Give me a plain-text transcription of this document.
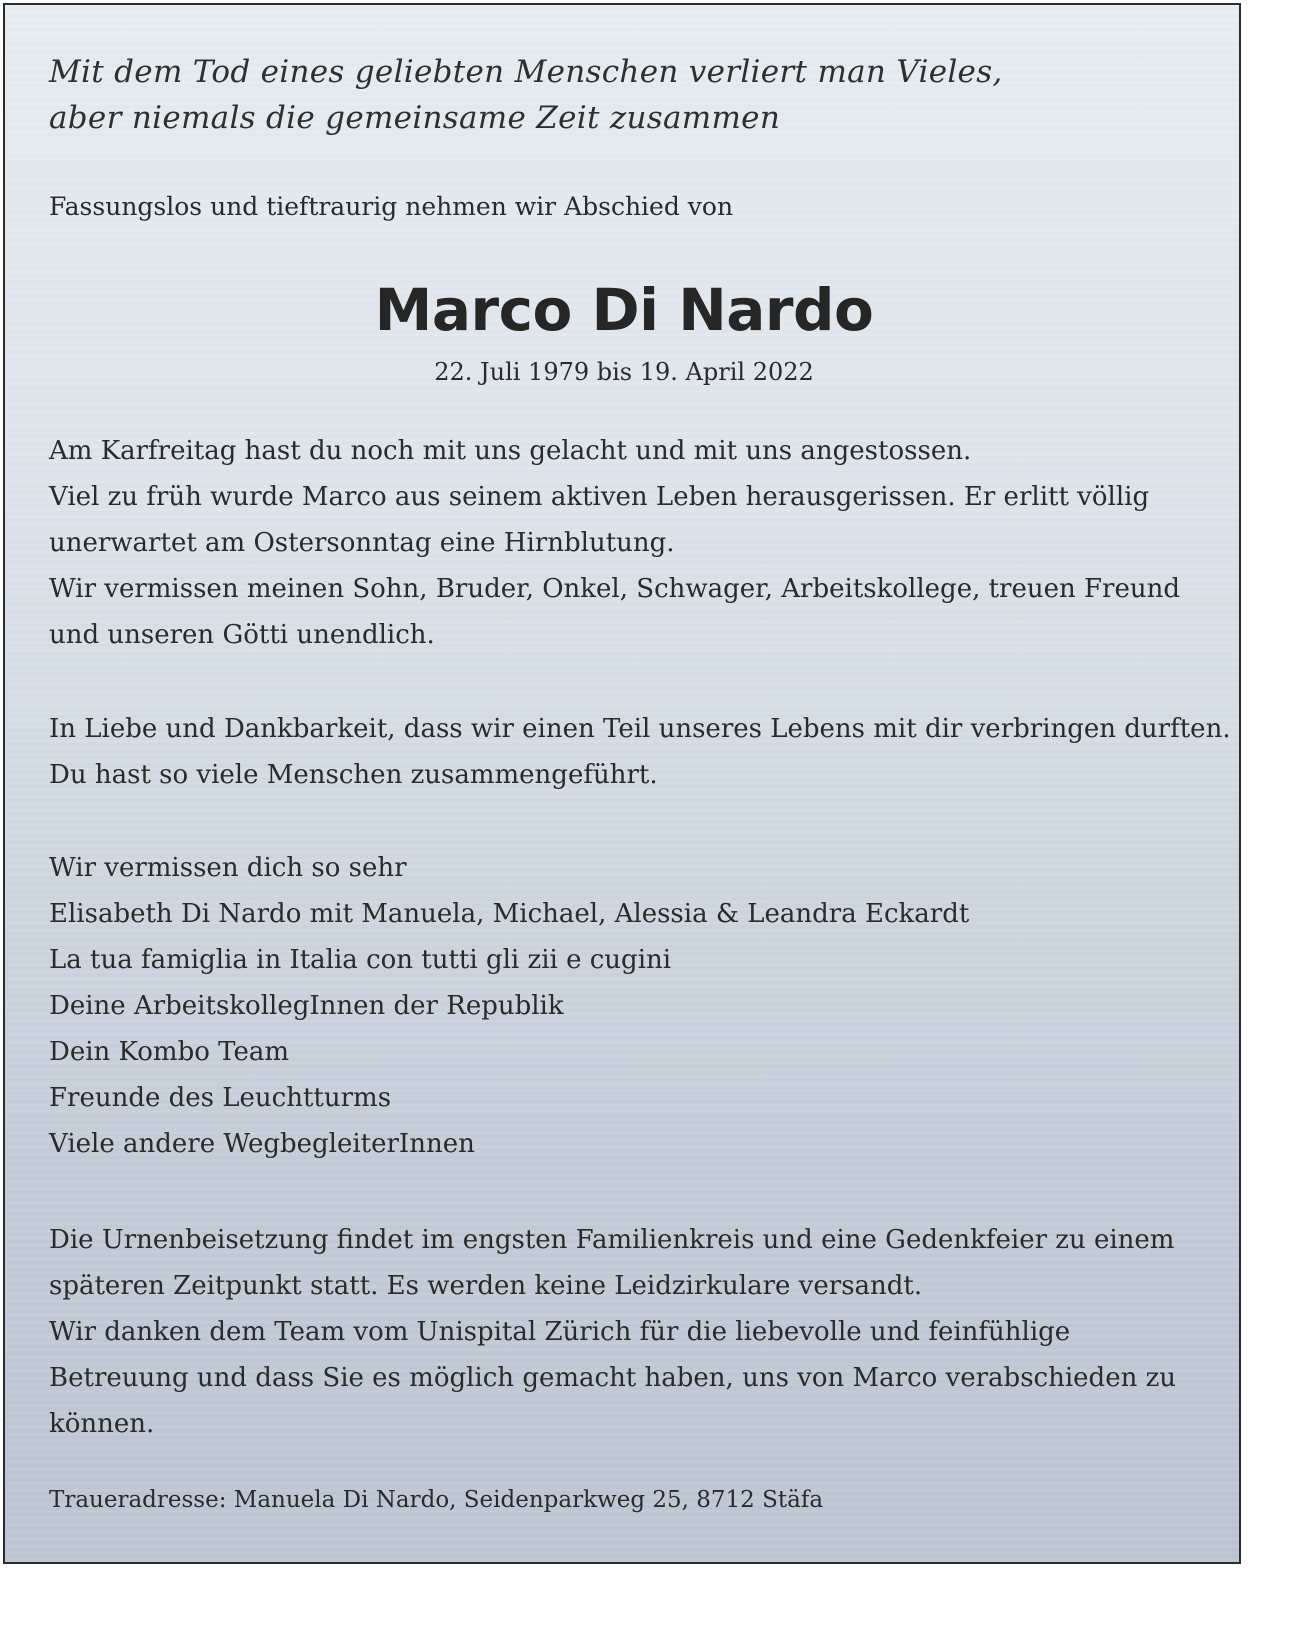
Mit dem Tod eines geliebten Menschen verliert man Vieles,
aber niemals die gemeinsame Zeit zusammen
Fassungslos und tieftraurig nehmen wir Abschied von
Marco Di Nardo
22. Juli 1979 bis 19. April 2022
Am Karfreitag hast du noch mit uns gelacht und mit uns angestossen.
Viel zu früh wurde Marco aus seinem aktiven Leben herausgerissen. Er erlitt völlig
unerwartet am Ostersonntag eine Hirnblutung.
Wir vermissen meinen Sohn, Bruder, Onkel, Schwager, Arbeitskollege, treuen Freund
und unseren Götti unendlich.
In Liebe und Dankbarkeit, dass wir einen Teil unseres Lebens mit dir verbringen durften.
Du hast so viele Menschen zusammengeführt.
Wir vermissen dich so sehr
Elisabeth Di Nardo mit Manuela, Michael, Alessia & Leandra Eckardt
La tua famiglia in Italia con tutti gli zii e cugini
Deine ArbeitskollegInnen der Republik
Dein Kombo Team
Freunde des Leuchtturms
Viele andere WegbegleiterInnen
Die Urnenbeisetzung findet im engsten Familienkreis und eine Gedenkfeier zu einem
späteren Zeitpunkt statt. Es werden keine Leidzirkulare versandt.
Wir danken dem Team vom Unispital Zürich für die liebevolle und feinfühlige
Betreuung und dass Sie es möglich gemacht haben, uns von Marco verabschieden zu
können.
Traueradresse: Manuela Di Nardo, Seidenparkweg 25, 8712 Stäfa
